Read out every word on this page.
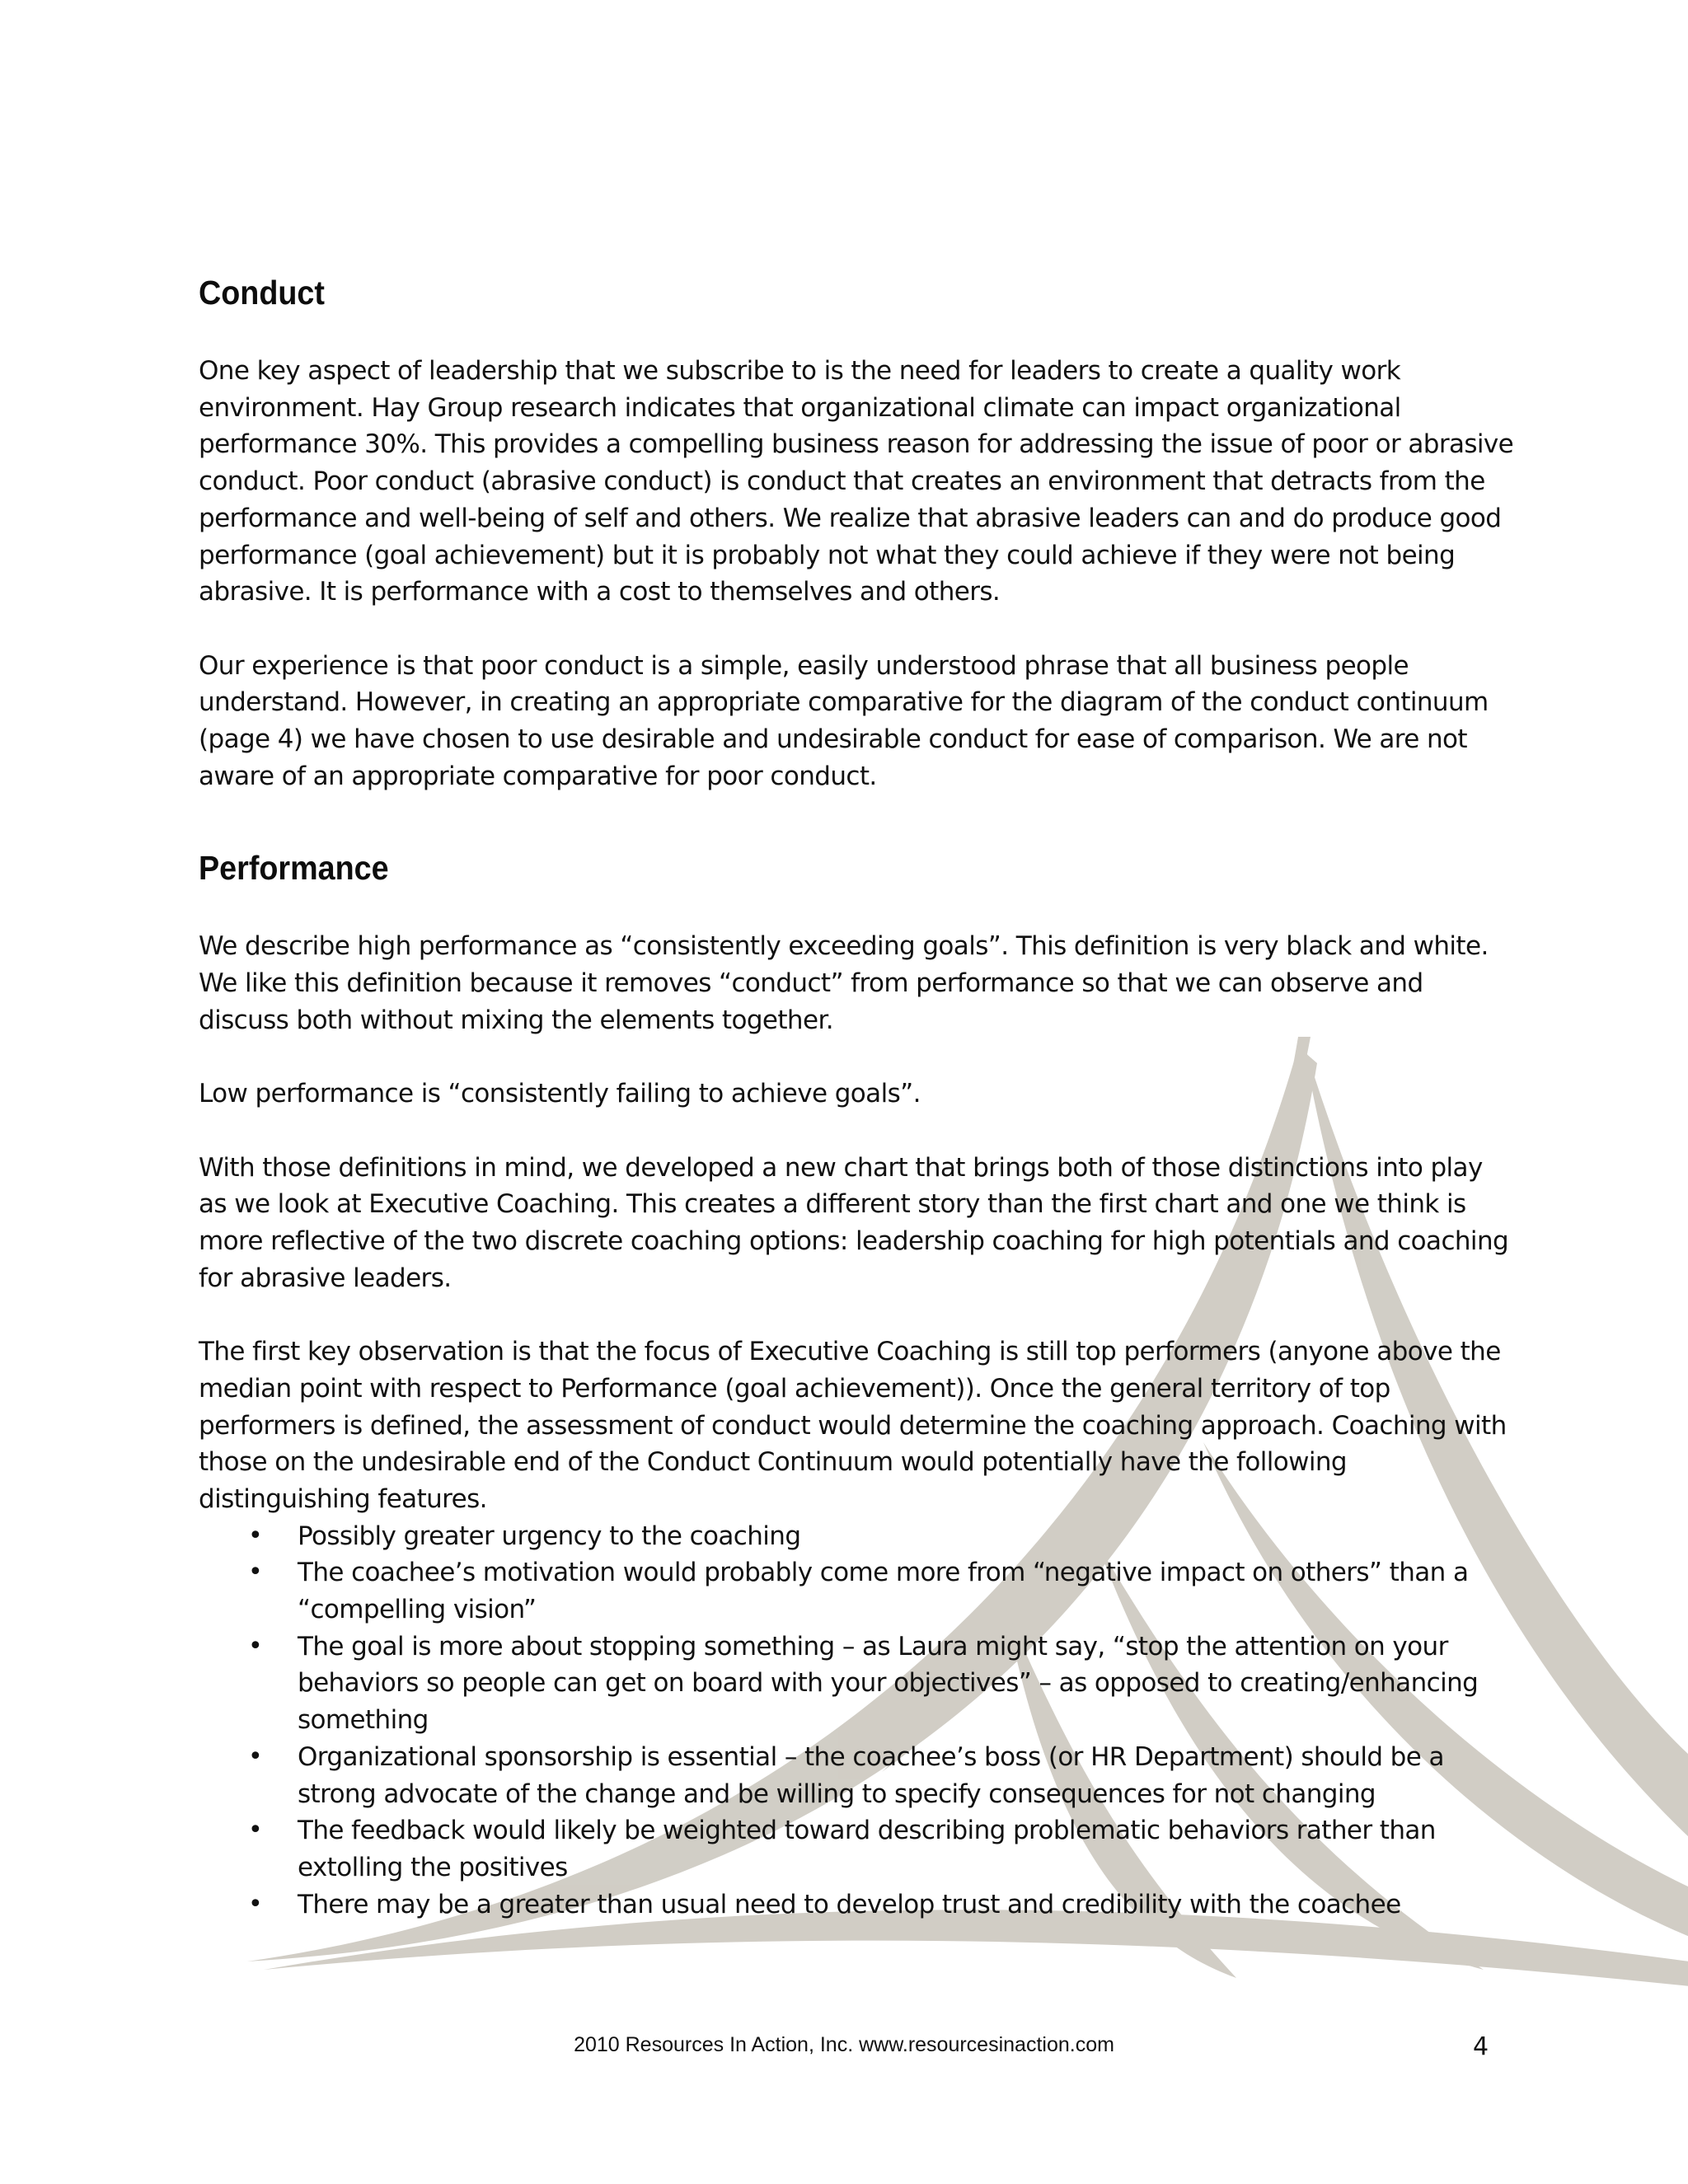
Conduct

One key aspect of leadership that we subscribe to is the need for leaders to create a quality work environment. Hay Group research indicates that organizational climate can impact organizational performance 30%. This provides a compelling business reason for addressing the issue of poor or abrasive conduct. Poor conduct (abrasive conduct) is conduct that creates an environment that detracts from the performance and well-being of self and others. We realize that abrasive leaders can and do produce good performance (goal achievement) but it is probably not what they could achieve if they were not being abrasive. It is performance with a cost to themselves and others.

Our experience is that poor conduct is a simple, easily understood phrase that all business people understand. However, in creating an appropriate comparative for the diagram of the conduct continuum (page 4) we have chosen to use desirable and undesirable conduct for ease of comparison. We are not aware of an appropriate comparative for poor conduct.

Performance

We describe high performance as “consistently exceeding goals”. This definition is very black and white. We like this definition because it removes “conduct” from performance so that we can observe and discuss both without mixing the elements together.

Low performance is “consistently failing to achieve goals”.

With those definitions in mind, we developed a new chart that brings both of those distinctions into play as we look at Executive Coaching. This creates a different story than the first chart and one we think is more reflective of the two discrete coaching options: leadership coaching for high potentials and coaching for abrasive leaders.

The first key observation is that the focus of Executive Coaching is still top performers (anyone above the median point with respect to Performance (goal achievement)). Once the general territory of top performers is defined, the assessment of conduct would determine the coaching approach. Coaching with those on the undesirable end of the Conduct Continuum would potentially have the following distinguishing features.

• Possibly greater urgency to the coaching
• The coachee’s motivation would probably come more from “negative impact on others” than a “compelling vision”
• The goal is more about stopping something – as Laura might say, “stop the attention on your behaviors so people can get on board with your objectives” – as opposed to creating/enhancing something
• Organizational sponsorship is essential – the coachee’s boss (or HR Department) should be a strong advocate of the change and be willing to specify consequences for not changing
• The feedback would likely be weighted toward describing problematic behaviors rather than extolling the positives
• There may be a greater than usual need to develop trust and credibility with the coachee
2010 Resources In Action, Inc. www.resourcesinaction.com	4
